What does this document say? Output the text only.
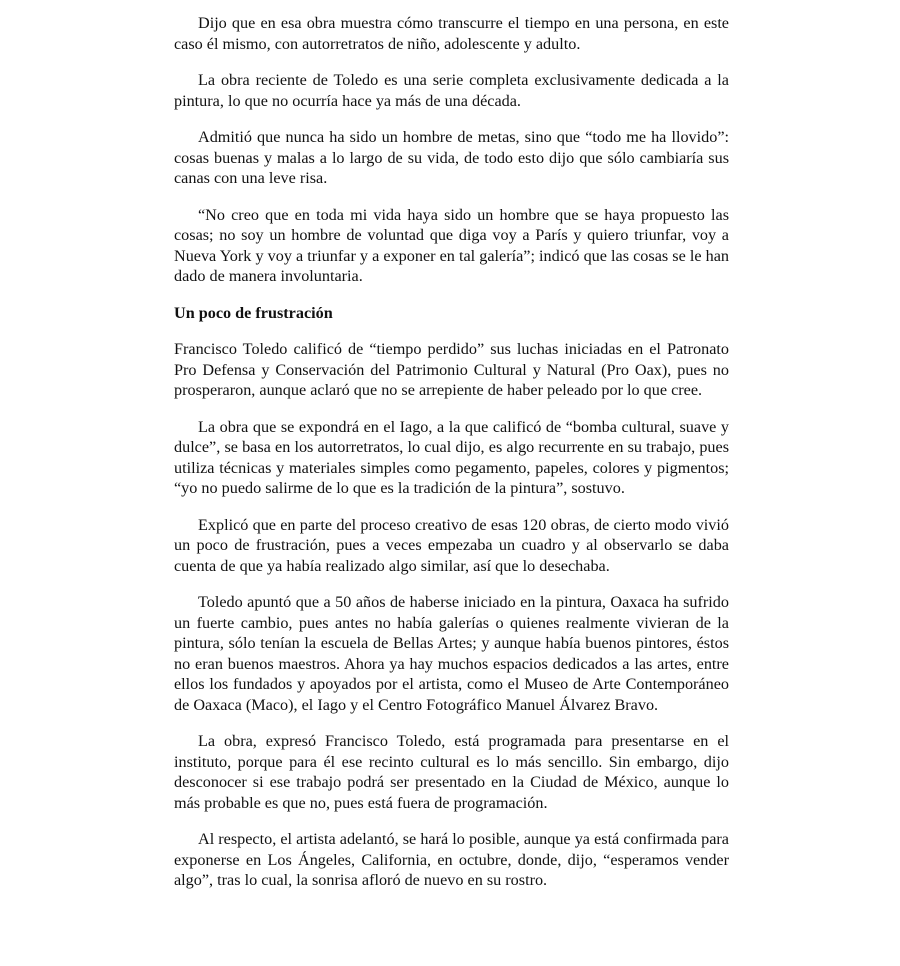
Dijo que en esa obra muestra cómo transcurre el tiempo en una persona, en este caso él mismo, con autorretratos de niño, adolescente y adulto.

La obra reciente de Toledo es una serie completa exclusivamente dedicada a la pintura, lo que no ocurría hace ya más de una década.

Admitió que nunca ha sido un hombre de metas, sino que “todo me ha llovido”: cosas buenas y malas a lo largo de su vida, de todo esto dijo que sólo cambiaría sus canas con una leve risa.

“No creo que en toda mi vida haya sido un hombre que se haya propuesto las cosas; no soy un hombre de voluntad que diga voy a París y quiero triunfar, voy a Nueva York y voy a triunfar y a exponer en tal galería”; indicó que las cosas se le han dado de manera involuntaria.

Un poco de frustración

Francisco Toledo calificó de “tiempo perdido” sus luchas iniciadas en el Patronato Pro Defensa y Conservación del Patrimonio Cultural y Natural (Pro Oax), pues no prosperaron, aunque aclaró que no se arrepiente de haber peleado por lo que cree.

La obra que se expondrá en el Iago, a la que calificó de “bomba cultural, suave y dulce”, se basa en los autorretratos, lo cual dijo, es algo recurrente en su trabajo, pues utiliza técnicas y materiales simples como pegamento, papeles, colores y pigmentos; “yo no puedo salirme de lo que es la tradición de la pintura”, sostuvo.

Explicó que en parte del proceso creativo de esas 120 obras, de cierto modo vivió un poco de frustración, pues a veces empezaba un cuadro y al observarlo se daba cuenta de que ya había realizado algo similar, así que lo desechaba.

Toledo apuntó que a 50 años de haberse iniciado en la pintura, Oaxaca ha sufrido un fuerte cambio, pues antes no había galerías o quienes realmente vivieran de la pintura, sólo tenían la escuela de Bellas Artes; y aunque había buenos pintores, éstos no eran buenos maestros. Ahora ya hay muchos espacios dedicados a las artes, entre ellos los fundados y apoyados por el artista, como el Museo de Arte Contemporáneo de Oaxaca (Maco), el Iago y el Centro Fotográfico Manuel Álvarez Bravo.

La obra, expresó Francisco Toledo, está programada para presentarse en el instituto, porque para él ese recinto cultural es lo más sencillo. Sin embargo, dijo desconocer si ese trabajo podrá ser presentado en la Ciudad de México, aunque lo más probable es que no, pues está fuera de programación.

Al respecto, el artista adelantó, se hará lo posible, aunque ya está confirmada para exponerse en Los Ángeles, California, en octubre, donde, dijo, “esperamos vender algo”, tras lo cual, la sonrisa afloró de nuevo en su rostro.
